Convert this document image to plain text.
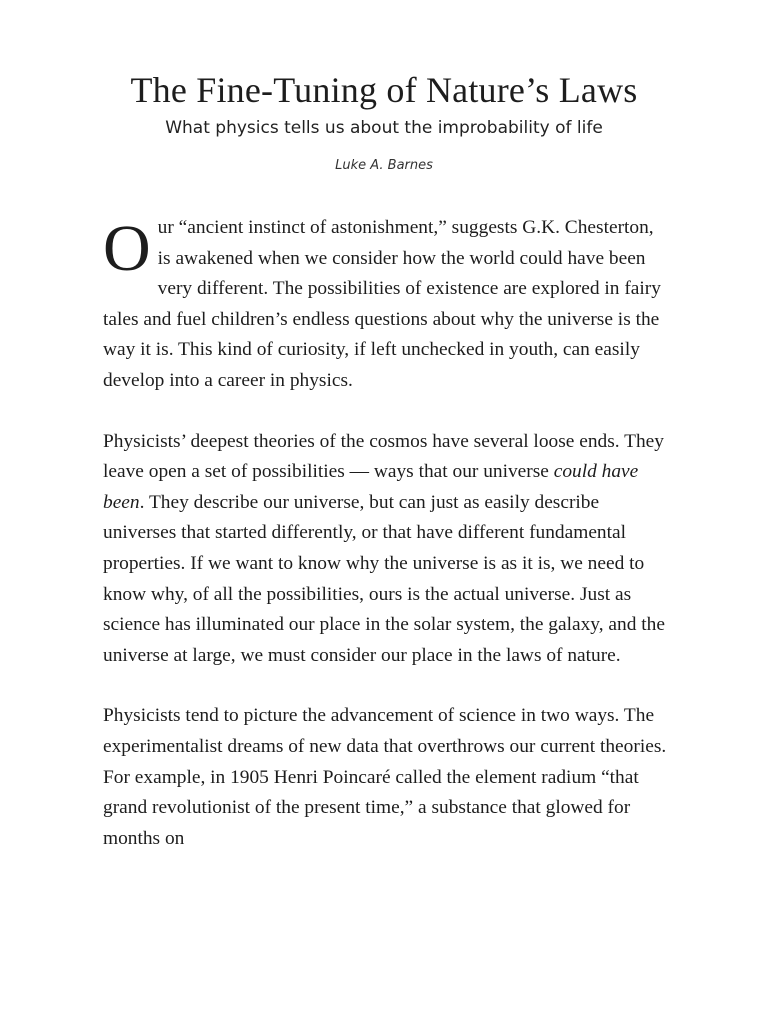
The Fine-Tuning of Nature’s Laws

What physics tells us about the improbability of life

Luke A. Barnes

Our “ancient instinct of astonishment,” suggests G.K. Chesterton, is awakened when we consider how the world could have been very different. The possibilities of existence are explored in fairy tales and fuel children’s endless questions about why the universe is the way it is. This kind of curiosity, if left unchecked in youth, can easily develop into a career in physics.

Physicists’ deepest theories of the cosmos have several loose ends. They leave open a set of possibilities — ways that our universe could have been. They describe our universe, but can just as easily describe universes that started differently, or that have different fundamental properties. If we want to know why the universe is as it is, we need to know why, of all the possibilities, ours is the actual universe. Just as science has illuminated our place in the solar system, the galaxy, and the universe at large, we must consider our place in the laws of nature.

Physicists tend to picture the advancement of science in two ways. The experimentalist dreams of new data that overthrows our current theories. For example, in 1905 Henri Poincaré called the element radium “that grand revolutionist of the present time,” a substance that glowed for months on
